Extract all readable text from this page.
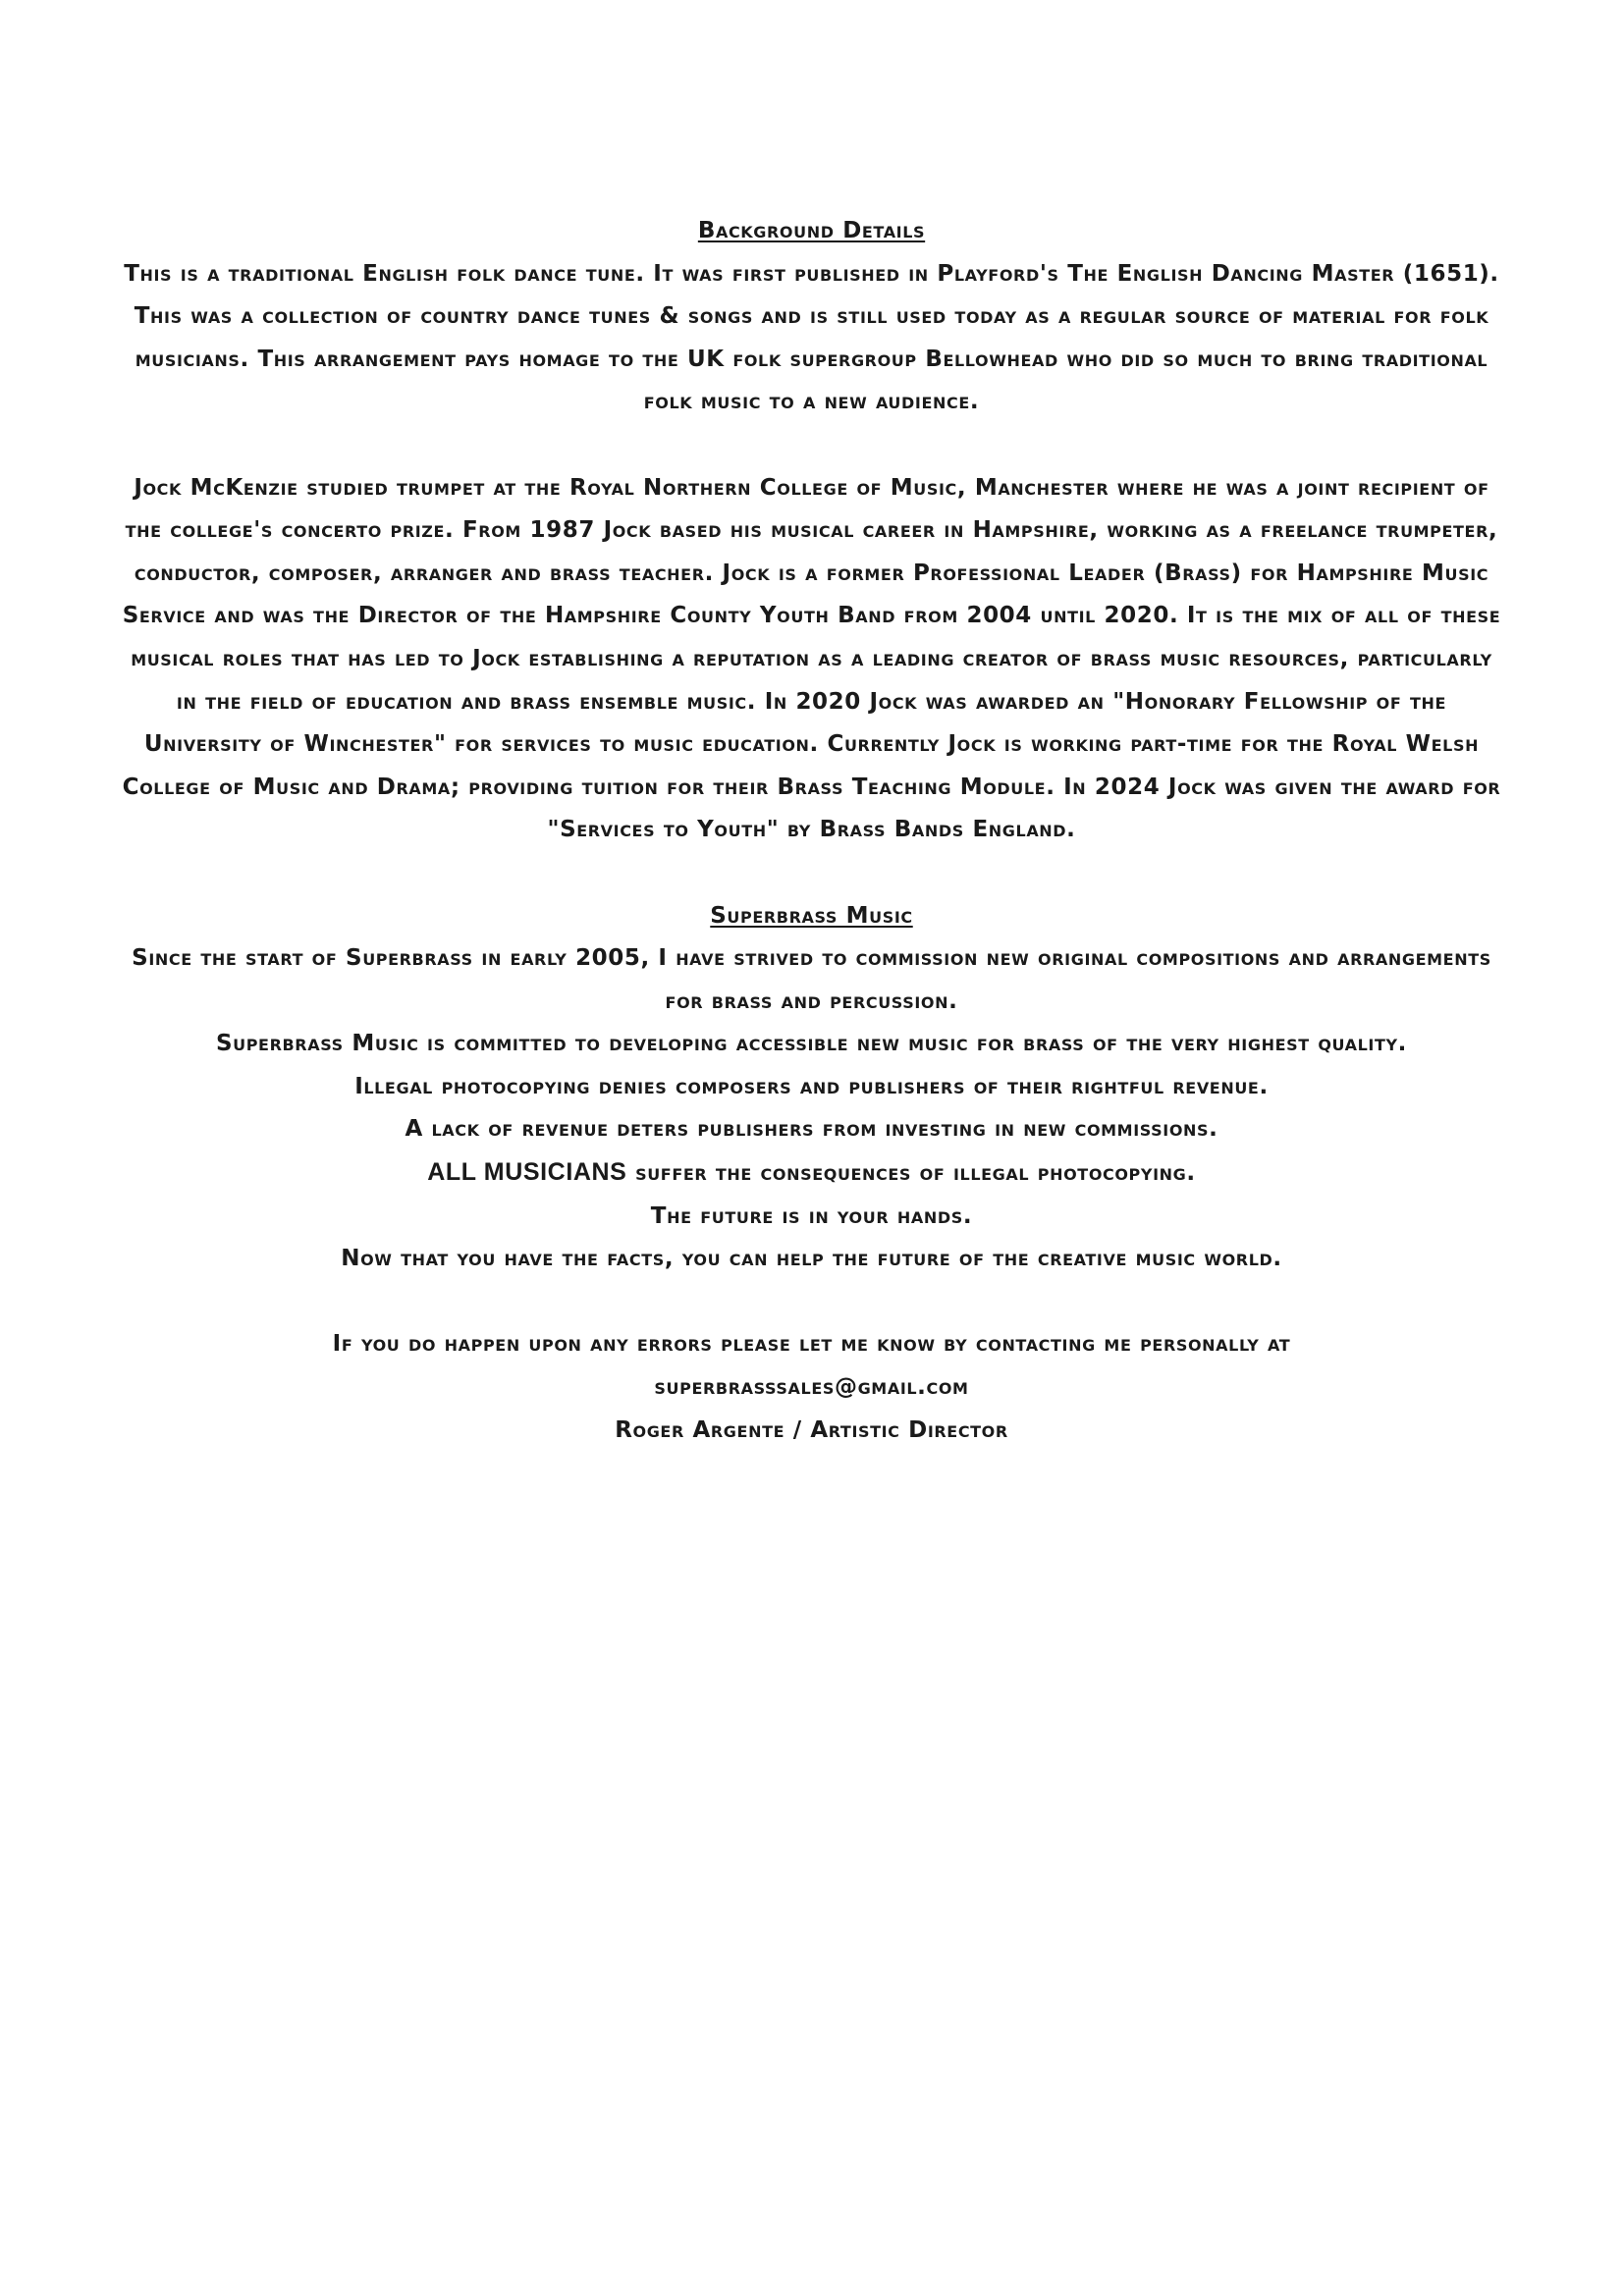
Background Details

This is a traditional English folk dance tune. It was first published in Playford's The English Dancing Master (1651). This was a collection of country dance tunes & songs and is still used today as a regular source of material for folk musicians. This arrangement pays homage to the UK folk supergroup Bellowhead who did so much to bring traditional folk music to a new audience.

Jock McKenzie studied trumpet at the Royal Northern College of Music, Manchester where he was a joint recipient of the college's concerto prize. From 1987 Jock based his musical career in Hampshire, working as a freelance trumpeter, conductor, composer, arranger and brass teacher. Jock is a former Professional Leader (Brass) for Hampshire Music Service and was the Director of the Hampshire County Youth Band from 2004 until 2020. It is the mix of all of these musical roles that has led to Jock establishing a reputation as a leading creator of brass music resources, particularly in the field of education and brass ensemble music. In 2020 Jock was awarded an "Honorary Fellowship of the University of Winchester" for services to music education. Currently Jock is working part-time for the Royal Welsh College of Music and Drama; providing tuition for their Brass Teaching Module. In 2024 Jock was given the award for "Services to Youth" by Brass Bands England.

Superbrass Music

Since the start of Superbrass in early 2005, I have strived to commission new original compositions and arrangements for brass and percussion.

Superbrass Music is committed to developing accessible new music for brass of the very highest quality.

Illegal photocopying denies composers and publishers of their rightful revenue.
A lack of revenue deters publishers from investing in new commissions.
ALL MUSICIANS suffer the consequences of illegal photocopying.
The future is in your hands.
Now that you have the facts, you can help the future of the creative music world.
If you do happen upon any errors please let me know by contacting me personally at
superbrasssales@gmail.com
Roger Argente / Artistic Director
